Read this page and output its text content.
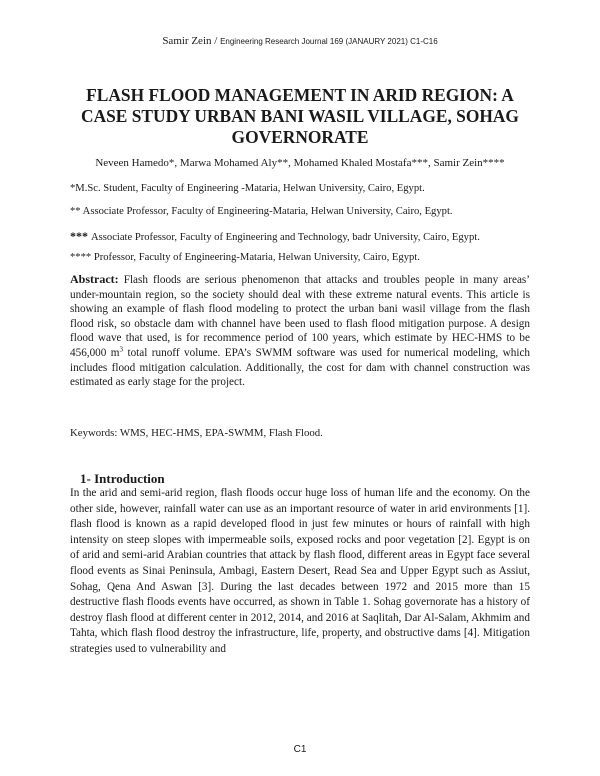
Samir Zein / Engineering Research Journal 169 (JANAURY 2021) C1-C16
FLASH FLOOD MANAGEMENT IN ARID REGION: A CASE STUDY URBAN BANI WASIL VILLAGE, SOHAG GOVERNORATE
Neveen Hamedo*, Marwa Mohamed Aly**, Mohamed Khaled Mostafa***, Samir Zein****
*M.Sc. Student, Faculty of Engineering -Mataria, Helwan University, Cairo, Egypt.
** Associate Professor, Faculty of Engineering-Mataria, Helwan University, Cairo, Egypt.
*** Associate Professor, Faculty of Engineering and Technology, badr University, Cairo, Egypt.
**** Professor, Faculty of Engineering-Mataria, Helwan University, Cairo, Egypt.
Abstract: Flash floods are serious phenomenon that attacks and troubles people in many areas’ under-mountain region, so the society should deal with these extreme natural events. This article is showing an example of flash flood modeling to protect the urban bani wasil village from the flash flood risk, so obstacle dam with channel have been used to flash flood mitigation purpose. A design flood wave that used, is for recommence period of 100 years, which estimate by HEC-HMS to be 456,000 $m^3$ total runoff volume. EPA’s SWMM software was used for numerical modeling, which includes flood mitigation calculation. Additionally, the cost for dam with channel construction was estimated as early stage for the project.
Keywords: WMS, HEC-HMS, EPA-SWMM, Flash Flood.
1- Introduction
In the arid and semi-arid region, flash floods occur huge loss of human life and the economy. On the other side, however, rainfall water can use as an important resource of water in arid environments [1]. flash flood is known as a rapid developed flood in just few minutes or hours of rainfall with high intensity on steep slopes with impermeable soils, exposed rocks and poor vegetation [2]. Egypt is on of arid and semi-arid Arabian countries that attack by flash flood, different areas in Egypt face several flood events as Sinai Peninsula, Ambagi, Eastern Desert, Read Sea and Upper Egypt such as Assiut, Sohag, Qena And Aswan [3]. During the last decades between 1972 and 2015 more than 15 destructive flash floods events have occurred, as shown in Table 1. Sohag governorate has a history of destroy flash flood at different center in 2012, 2014, and 2016 at Saqlitah, Dar Al-Salam, Akhmim and Tahta, which flash flood destroy the infrastructure, life, property, and obstructive dams [4]. Mitigation strategies used to vulnerability and
C1
